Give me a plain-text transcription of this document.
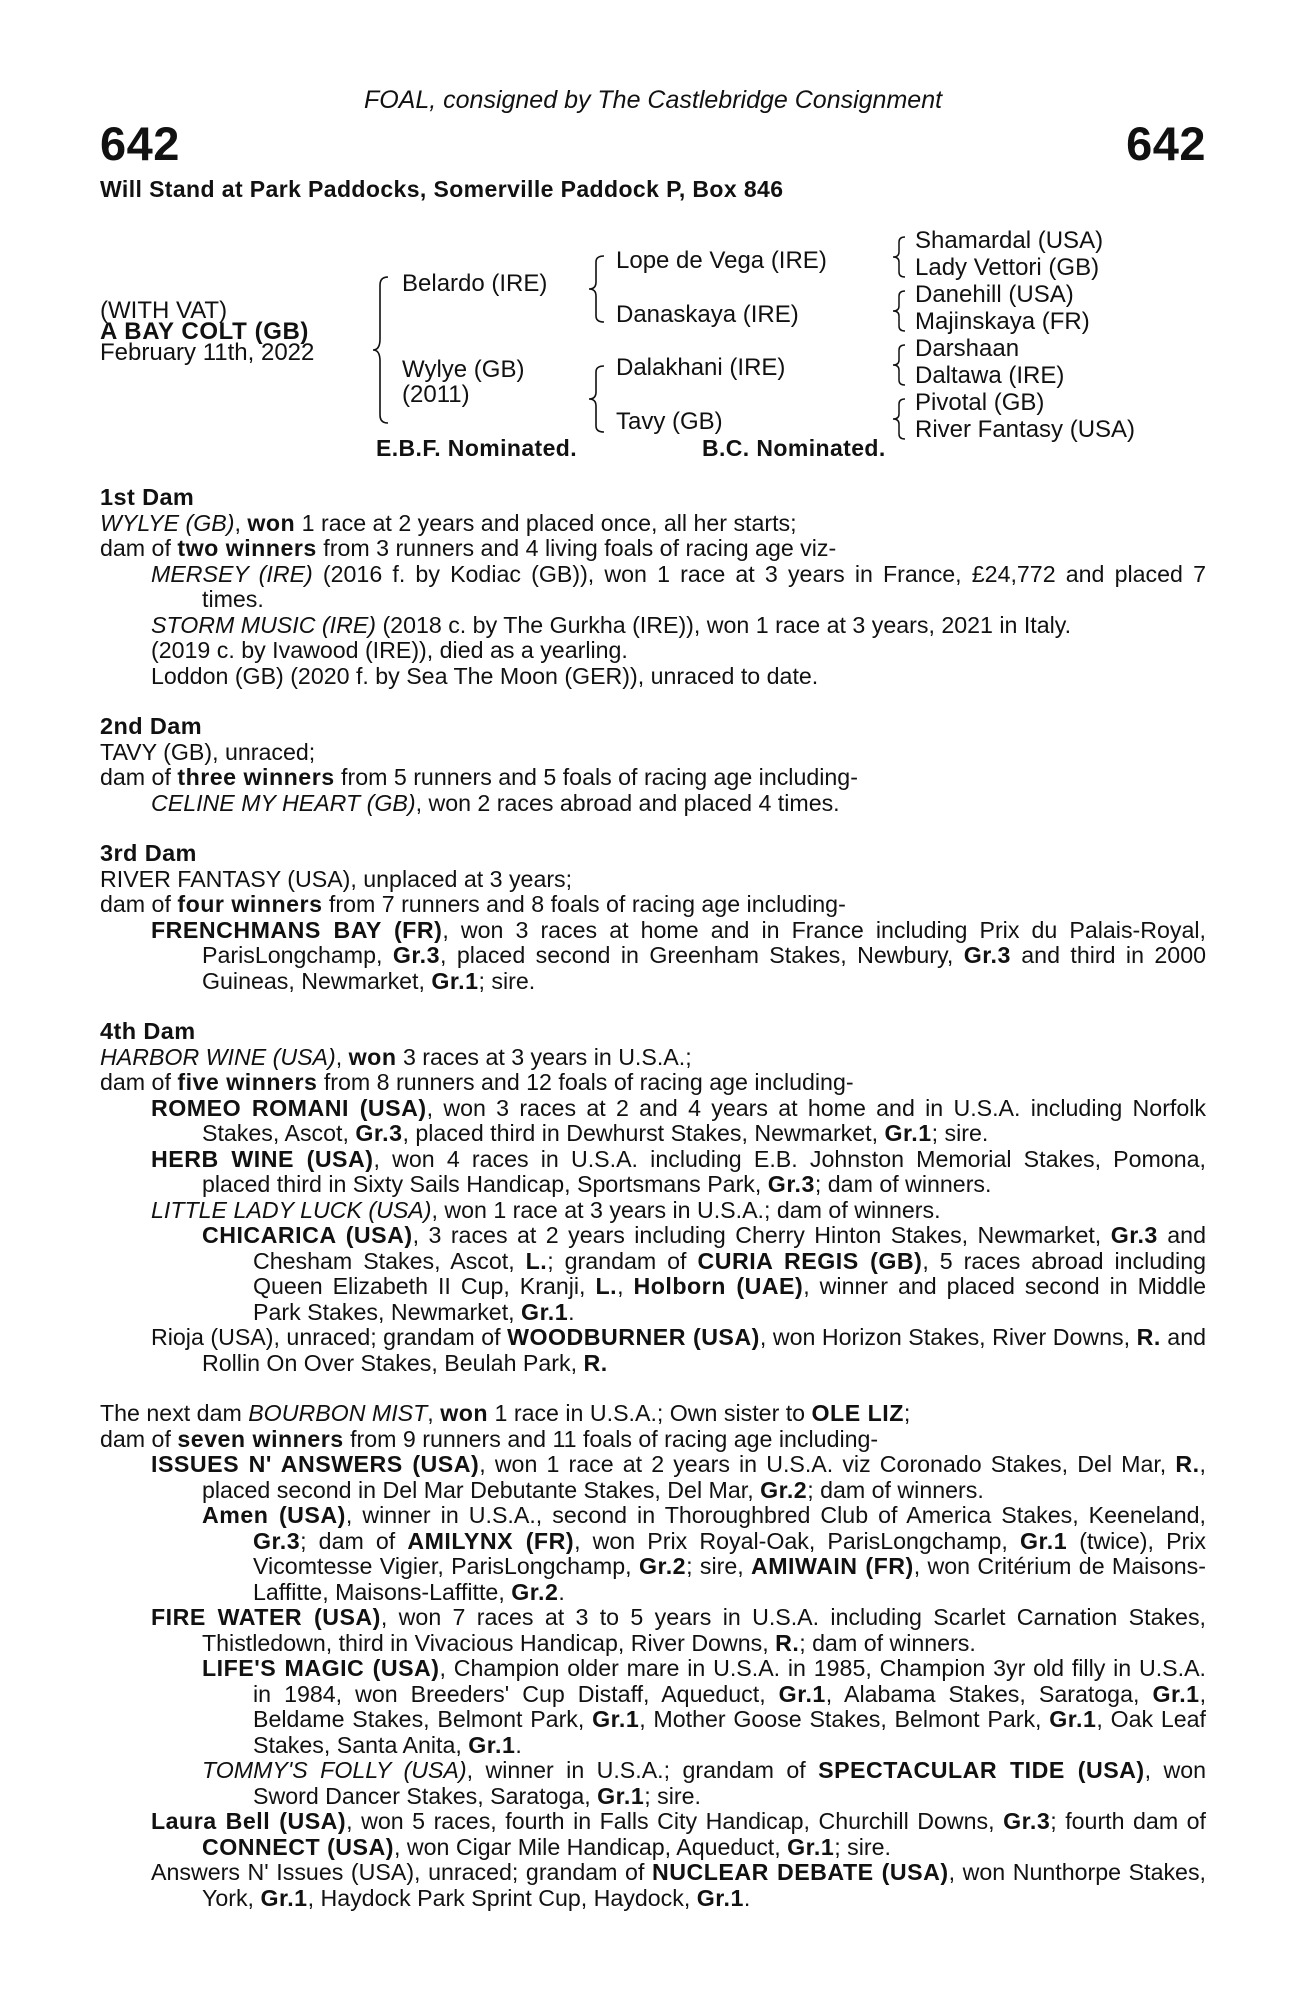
FOAL, consigned by The Castlebridge Consignment
642	642
Will Stand at Park Paddocks, Somerville Paddock P, Box 846
(WITH VAT)
A BAY COLT (GB)
February 11th, 2022
Belardo (IRE)
Wylye (GB)
(2011)
Lope de Vega (IRE)
Danaskaya (IRE)
Dalakhani (IRE)
Tavy (GB)
Shamardal (USA)
Lady Vettori (GB)
Danehill (USA)
Majinskaya (FR)
Darshaan
Daltawa (IRE)
Pivotal (GB)
River Fantasy (USA)
E.B.F. Nominated.	B.C. Nominated.
1st Dam

WYLYE (GB), won 1 race at 2 years and placed once, all her starts;

dam of two winners from 3 runners and 4 living foals of racing age viz-

MERSEY (IRE) (2016 f. by Kodiac (GB)), won 1 race at 3 years in France, £24,772 and placed 7 times.

STORM MUSIC (IRE) (2018 c. by The Gurkha (IRE)), won 1 race at 3 years, 2021 in Italy.

(2019 c. by Ivawood (IRE)), died as a yearling.

Loddon (GB) (2020 f. by Sea The Moon (GER)), unraced to date.

2nd Dam

TAVY (GB), unraced;

dam of three winners from 5 runners and 5 foals of racing age including-

CELINE MY HEART (GB), won 2 races abroad and placed 4 times.

3rd Dam

RIVER FANTASY (USA), unplaced at 3 years;

dam of four winners from 7 runners and 8 foals of racing age including-

FRENCHMANS BAY (FR), won 3 races at home and in France including Prix du Palais-Royal, ParisLongchamp, Gr.3, placed second in Greenham Stakes, Newbury, Gr.3 and third in 2000 Guineas, Newmarket, Gr.1; sire.

4th Dam

HARBOR WINE (USA), won 3 races at 3 years in U.S.A.;

dam of five winners from 8 runners and 12 foals of racing age including-

ROMEO ROMANI (USA), won 3 races at 2 and 4 years at home and in U.S.A. including Norfolk Stakes, Ascot, Gr.3, placed third in Dewhurst Stakes, Newmarket, Gr.1; sire.

HERB WINE (USA), won 4 races in U.S.A. including E.B. Johnston Memorial Stakes, Pomona, placed third in Sixty Sails Handicap, Sportsmans Park, Gr.3; dam of winners.

LITTLE LADY LUCK (USA), won 1 race at 3 years in U.S.A.; dam of winners.

CHICARICA (USA), 3 races at 2 years including Cherry Hinton Stakes, Newmarket, Gr.3 and Chesham Stakes, Ascot, L.; grandam of CURIA REGIS (GB), 5 races abroad including Queen Elizabeth II Cup, Kranji, L., Holborn (UAE), winner and placed second in Middle Park Stakes, Newmarket, Gr.1.

Rioja (USA), unraced; grandam of WOODBURNER (USA), won Horizon Stakes, River Downs, R. and Rollin On Over Stakes, Beulah Park, R.

The next dam BOURBON MIST, won 1 race in U.S.A.; Own sister to OLE LIZ;

dam of seven winners from 9 runners and 11 foals of racing age including-

ISSUES N' ANSWERS (USA), won 1 race at 2 years in U.S.A. viz Coronado Stakes, Del Mar, R., placed second in Del Mar Debutante Stakes, Del Mar, Gr.2; dam of winners.

Amen (USA), winner in U.S.A., second in Thoroughbred Club of America Stakes, Keeneland, Gr.3; dam of AMILYNX (FR), won Prix Royal-Oak, ParisLongchamp, Gr.1 (twice), Prix Vicomtesse Vigier, ParisLongchamp, Gr.2; sire, AMIWAIN (FR), won Critérium de Maisons-Laffitte, Maisons-Laffitte, Gr.2.

FIRE WATER (USA), won 7 races at 3 to 5 years in U.S.A. including Scarlet Carnation Stakes, Thistledown, third in Vivacious Handicap, River Downs, R.; dam of winners.

LIFE'S MAGIC (USA), Champion older mare in U.S.A. in 1985, Champion 3yr old filly in U.S.A. in 1984, won Breeders' Cup Distaff, Aqueduct, Gr.1, Alabama Stakes, Saratoga, Gr.1, Beldame Stakes, Belmont Park, Gr.1, Mother Goose Stakes, Belmont Park, Gr.1, Oak Leaf Stakes, Santa Anita, Gr.1.

TOMMY'S FOLLY (USA), winner in U.S.A.; grandam of SPECTACULAR TIDE (USA), won Sword Dancer Stakes, Saratoga, Gr.1; sire.

Laura Bell (USA), won 5 races, fourth in Falls City Handicap, Churchill Downs, Gr.3; fourth dam of CONNECT (USA), won Cigar Mile Handicap, Aqueduct, Gr.1; sire.

Answers N' Issues (USA), unraced; grandam of NUCLEAR DEBATE (USA), won Nunthorpe Stakes, York, Gr.1, Haydock Park Sprint Cup, Haydock, Gr.1.
